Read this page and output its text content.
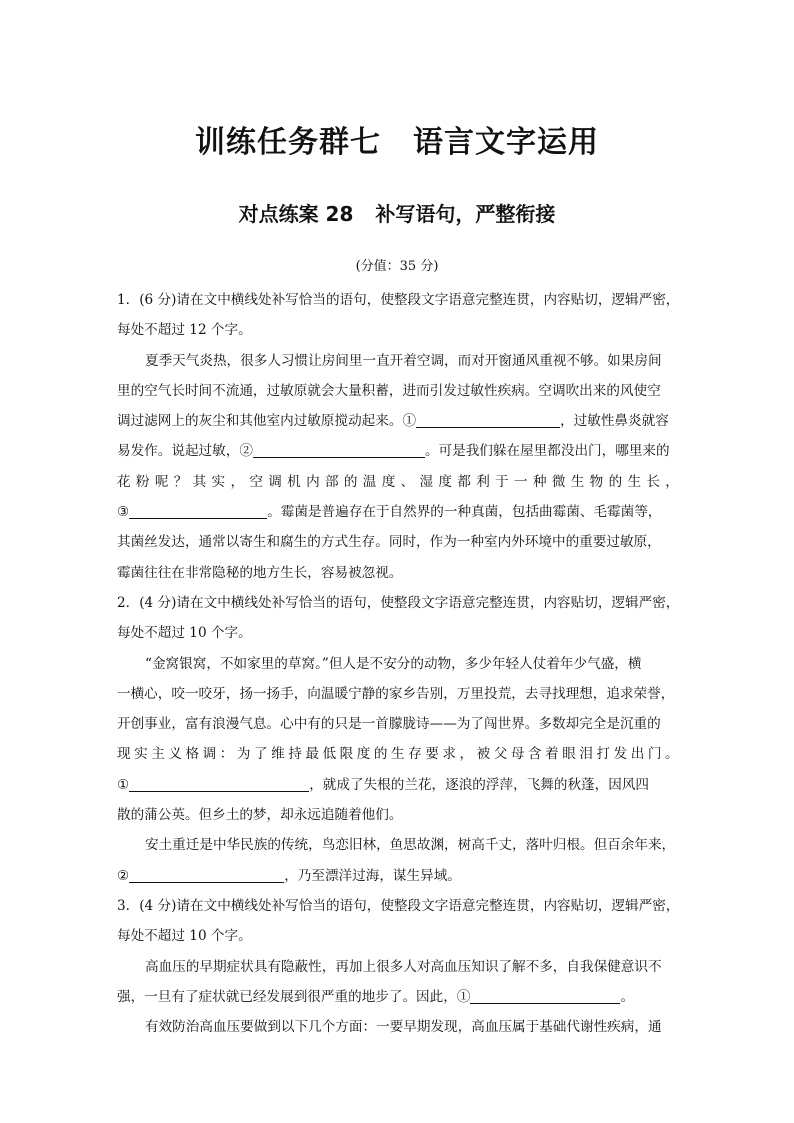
训练任务群七 语言文字运用
对点练案 28 补写语句，严整衔接
(分值：35 分)
1．(6 分)请在文中横线处补写恰当的语句，使整段文字语意完整连贯，内容贴切，逻辑严密，
每处不超过 12 个字。
夏季天气炎热，很多人习惯让房间里一直开着空调，而对开窗通风重视不够。如果房间
里的空气长时间不流通，过敏原就会大量积蓄，进而引发过敏性疾病。空调吹出来的风使空
调过滤网上的灰尘和其他室内过敏原搅动起来。①	，过敏性鼻炎就容
易发作。说起过敏，②	。可是我们躲在屋里都没出门，哪里来的
花 粉 呢 ？ 其 实 ， 空 调 机 内 部 的 温 度 、 湿 度 都 利 于 一 种 微 生 物 的 生 长 ，
③	。霉菌是普遍存在于自然界的一种真菌，包括曲霉菌、毛霉菌等，
其菌丝发达，通常以寄生和腐生的方式生存。同时，作为一种室内外环境中的重要过敏原，
霉菌往往在非常隐秘的地方生长，容易被忽视。
2．(4 分)请在文中横线处补写恰当的语句，使整段文字语意完整连贯，内容贴切，逻辑严密，
每处不超过 10 个字。
“金窝银窝，不如家里的草窝。”但人是不安分的动物，多少年轻人仗着年少气盛，横
一横心，咬一咬牙，扬一扬手，向温暖宁静的家乡告别，万里投荒，去寻找理想，追求荣誉，
开创事业，富有浪漫气息。心中有的只是一首朦胧诗——为了闯世界。多数却完全是沉重的
现 实 主 义 格 调 ： 为 了 维 持 最 低 限 度 的 生 存 要 求 ， 被 父 母 含 着 眼 泪 打 发 出 门 。
①	，就成了失根的兰花，逐浪的浮萍，飞舞的秋蓬，因风四
散的蒲公英。但乡土的梦，却永远追随着他们。
安土重迁是中华民族的传统，鸟恋旧林，鱼思故渊，树高千丈，落叶归根。但百余年来，
②	，乃至漂洋过海，谋生异域。
3．(4 分)请在文中横线处补写恰当的语句，使整段文字语意完整连贯，内容贴切，逻辑严密，
每处不超过 10 个字。
高血压的早期症状具有隐蔽性，再加上很多人对高血压知识了解不多，自我保健意识不
强，一旦有了症状就已经发展到很严重的地步了。因此，①	。
有效防治高血压要做到以下几个方面：一要早期发现，高血压属于基础代谢性疾病，通
